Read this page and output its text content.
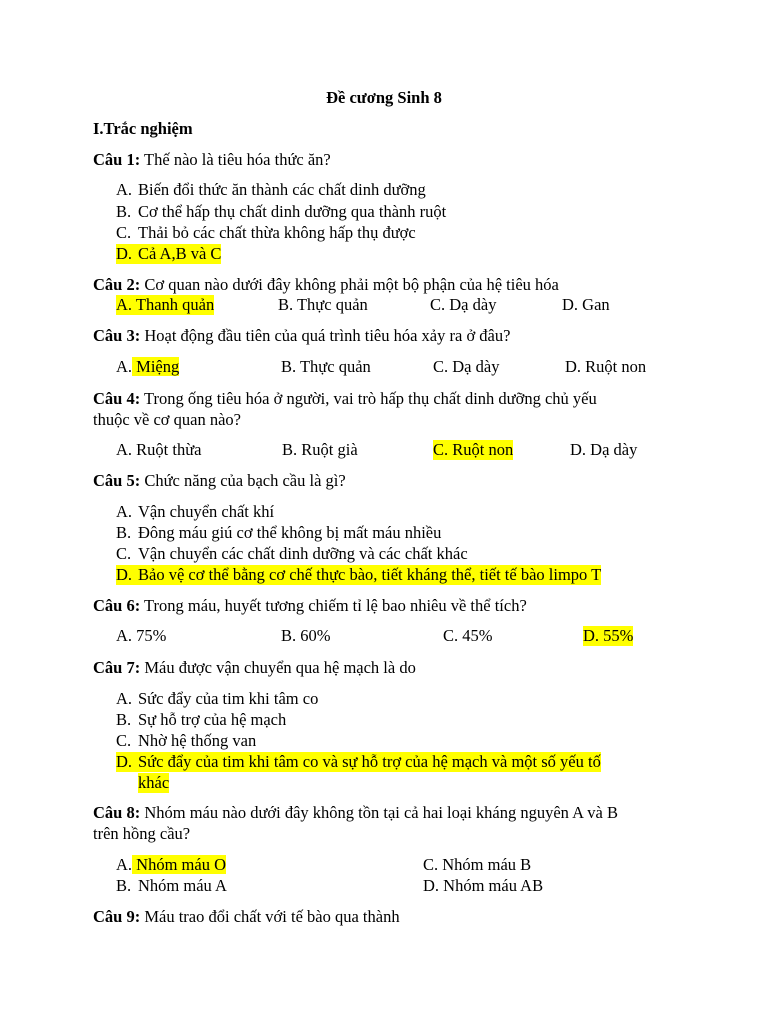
Đề cương Sinh 8
I.Trắc nghiệm
Câu 1: Thế nào là tiêu hóa thức ăn?
A. Biến đổi thức ăn thành các chất dinh dưỡng
B. Cơ thể hấp thụ chất dinh dưỡng qua thành ruột
C. Thải bỏ các chất thừa không hấp thụ được
D. Cả A,B và C
Câu 2: Cơ quan nào dưới đây không phải một bộ phận của hệ tiêu hóa
A. Thanh quản	B. Thực quản	C. Dạ dày	D. Gan
Câu 3: Hoạt động đầu tiên của quá trình tiêu hóa xảy ra ở đâu?
A. Miệng	B. Thực quản	C. Dạ dày	D. Ruột non
Câu 4: Trong ống tiêu hóa ở người, vai trò hấp thụ chất dinh dưỡng chủ yếu
thuộc về cơ quan nào?
A. Ruột thừa	B. Ruột già	C. Ruột non	D. Dạ dày
Câu 5: Chức năng của bạch cầu là gì?
A. Vận chuyển chất khí
B. Đông máu giú cơ thể không bị mất máu nhiều
C. Vận chuyển các chất dinh dưỡng và các chất khác
D. Bảo vệ cơ thể bằng cơ chế thực bào, tiết kháng thể, tiết tế bào limpo T
Câu 6: Trong máu, huyết tương chiếm tỉ lệ bao nhiêu về thể tích?
A. 75%	B. 60%	C. 45%	D. 55%
Câu 7: Máu được vận chuyển qua hệ mạch là do
A. Sức đẩy của tim khi tâm co
B. Sự hỗ trợ của hệ mạch
C. Nhờ hệ thống van
D. Sức đẩy của tim khi tâm co và sự hỗ trợ của hệ mạch và một số yếu tố
khác
Câu 8: Nhóm máu nào dưới đây không tồn tại cả hai loại kháng nguyên A và B
trên hồng cầu?
A. Nhóm máu O	C. Nhóm máu B
B. Nhóm máu A	D. Nhóm máu AB
Câu 9: Máu trao đổi chất với tế bào qua thành
